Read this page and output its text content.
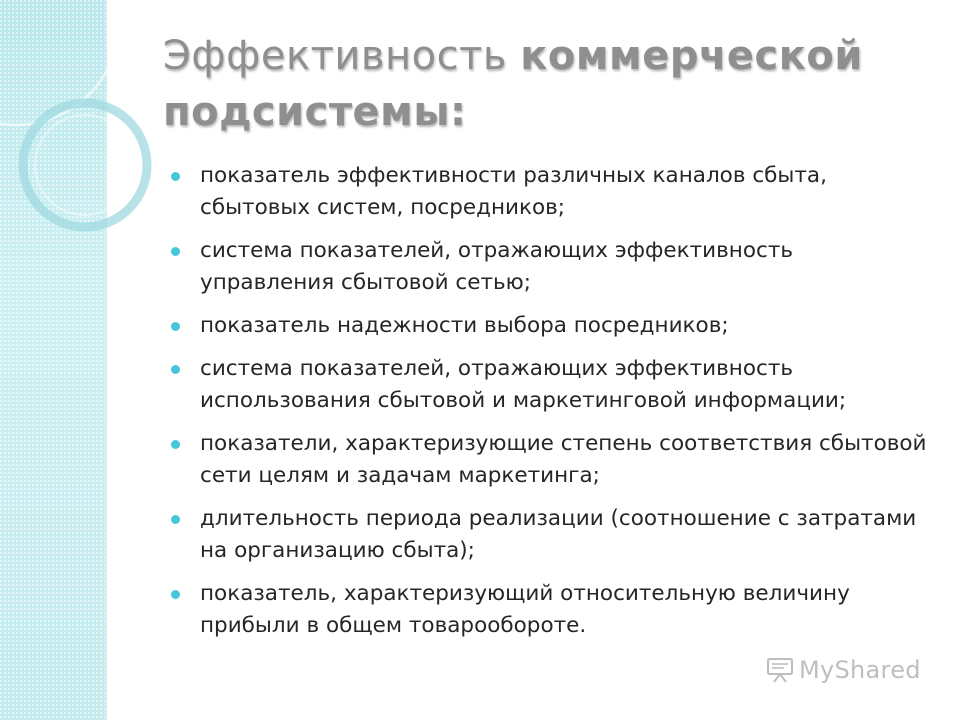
Эффективность коммерческой
подсистемы:
показатель эффективности различных каналов сбыта, сбытовых систем, посредников;
система показателей, отражающих эффективность управления сбытовой сетью;
показатель надежности выбора посредников;
система показателей, отражающих эффективность использования сбытовой и маркетинговой информации;
показатели, характеризующие степень соответствия сбытовой сети целям и задачам маркетинга;
длительность периода реализации (соотношение с затратами на организацию сбыта);
показатель, характеризующий относительную величину прибыли в общем товарообороте.
MyShared
